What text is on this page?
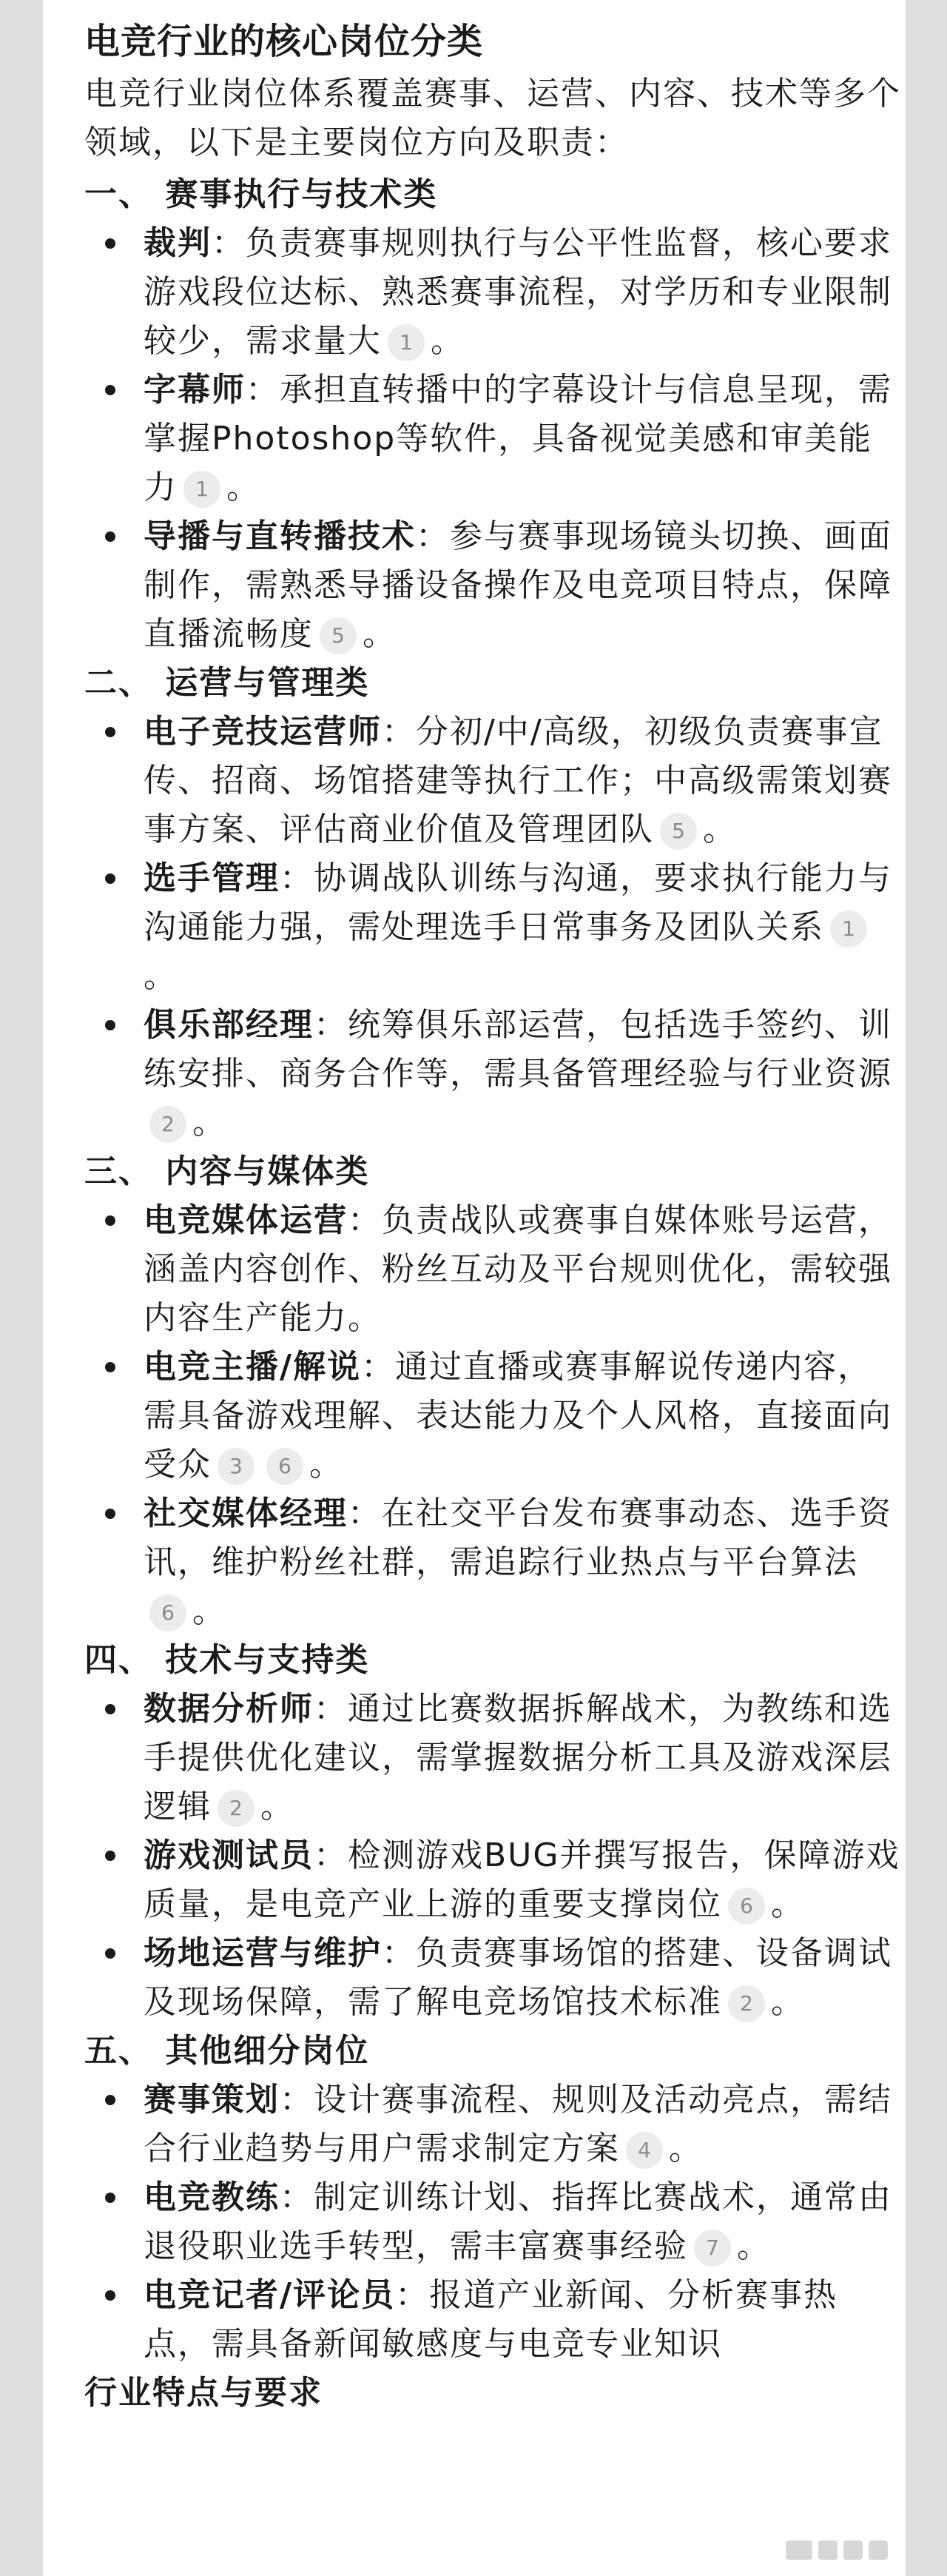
电竞行业的核心岗位分类

电竞行业岗位体系覆盖赛事、运营、内容、技术等多个领域，以下是主要岗位方向及职责：

一、 赛事执行与技术类

裁判：负责赛事规则执行与公平性监督，核心要求游戏段位达标、熟悉赛事流程，对学历和专业限制较少，需求量大 1 。
字幕师：承担直转播中的字幕设计与信息呈现，需掌握Photoshop等软件，具备视觉美感和审美能力 1 。
导播与直转播技术：参与赛事现场镜头切换、画面制作，需熟悉导播设备操作及电竞项目特点，保障直播流畅度 5 。

二、 运营与管理类

电子竞技运营师：分初/中/高级，初级负责赛事宣传、招商、场馆搭建等执行工作；中高级需策划赛事方案、评估商业价值及管理团队 5 。
选手管理：协调战队训练与沟通，要求执行能力与沟通能力强，需处理选手日常事务及团队关系 1。
俱乐部经理：统筹俱乐部运营，包括选手签约、训练安排、商务合作等，需具备管理经验与行业资源2 。

三、 内容与媒体类

电竞媒体运营：负责战队或赛事自媒体账号运营，涵盖内容创作、粉丝互动及平台规则优化，需较强内容生产能力。
电竞主播/解说：通过直播或赛事解说传递内容，需具备游戏理解、表达能力及个人风格，直接面向受众 3 6 。
社交媒体经理：在社交平台发布赛事动态、选手资讯，维护粉丝社群，需追踪行业热点与平台算法6 。

四、 技术与支持类

数据分析师：通过比赛数据拆解战术，为教练和选手提供优化建议，需掌握数据分析工具及游戏深层逻辑 2 。
游戏测试员：检测游戏BUG并撰写报告，保障游戏质量，是电竞产业上游的重要支撑岗位 6 。
场地运营与维护：负责赛事场馆的搭建、设备调试及现场保障，需了解电竞场馆技术标准 2 。

五、 其他细分岗位

赛事策划：设计赛事流程、规则及活动亮点，需结合行业趋势与用户需求制定方案 4 。
电竞教练：制定训练计划、指挥比赛战术，通常由退役职业选手转型，需丰富赛事经验 7 。
电竞记者/评论员：报道产业新闻、分析赛事热点，需具备新闻敏感度与电竞专业知识

行业特点与要求
